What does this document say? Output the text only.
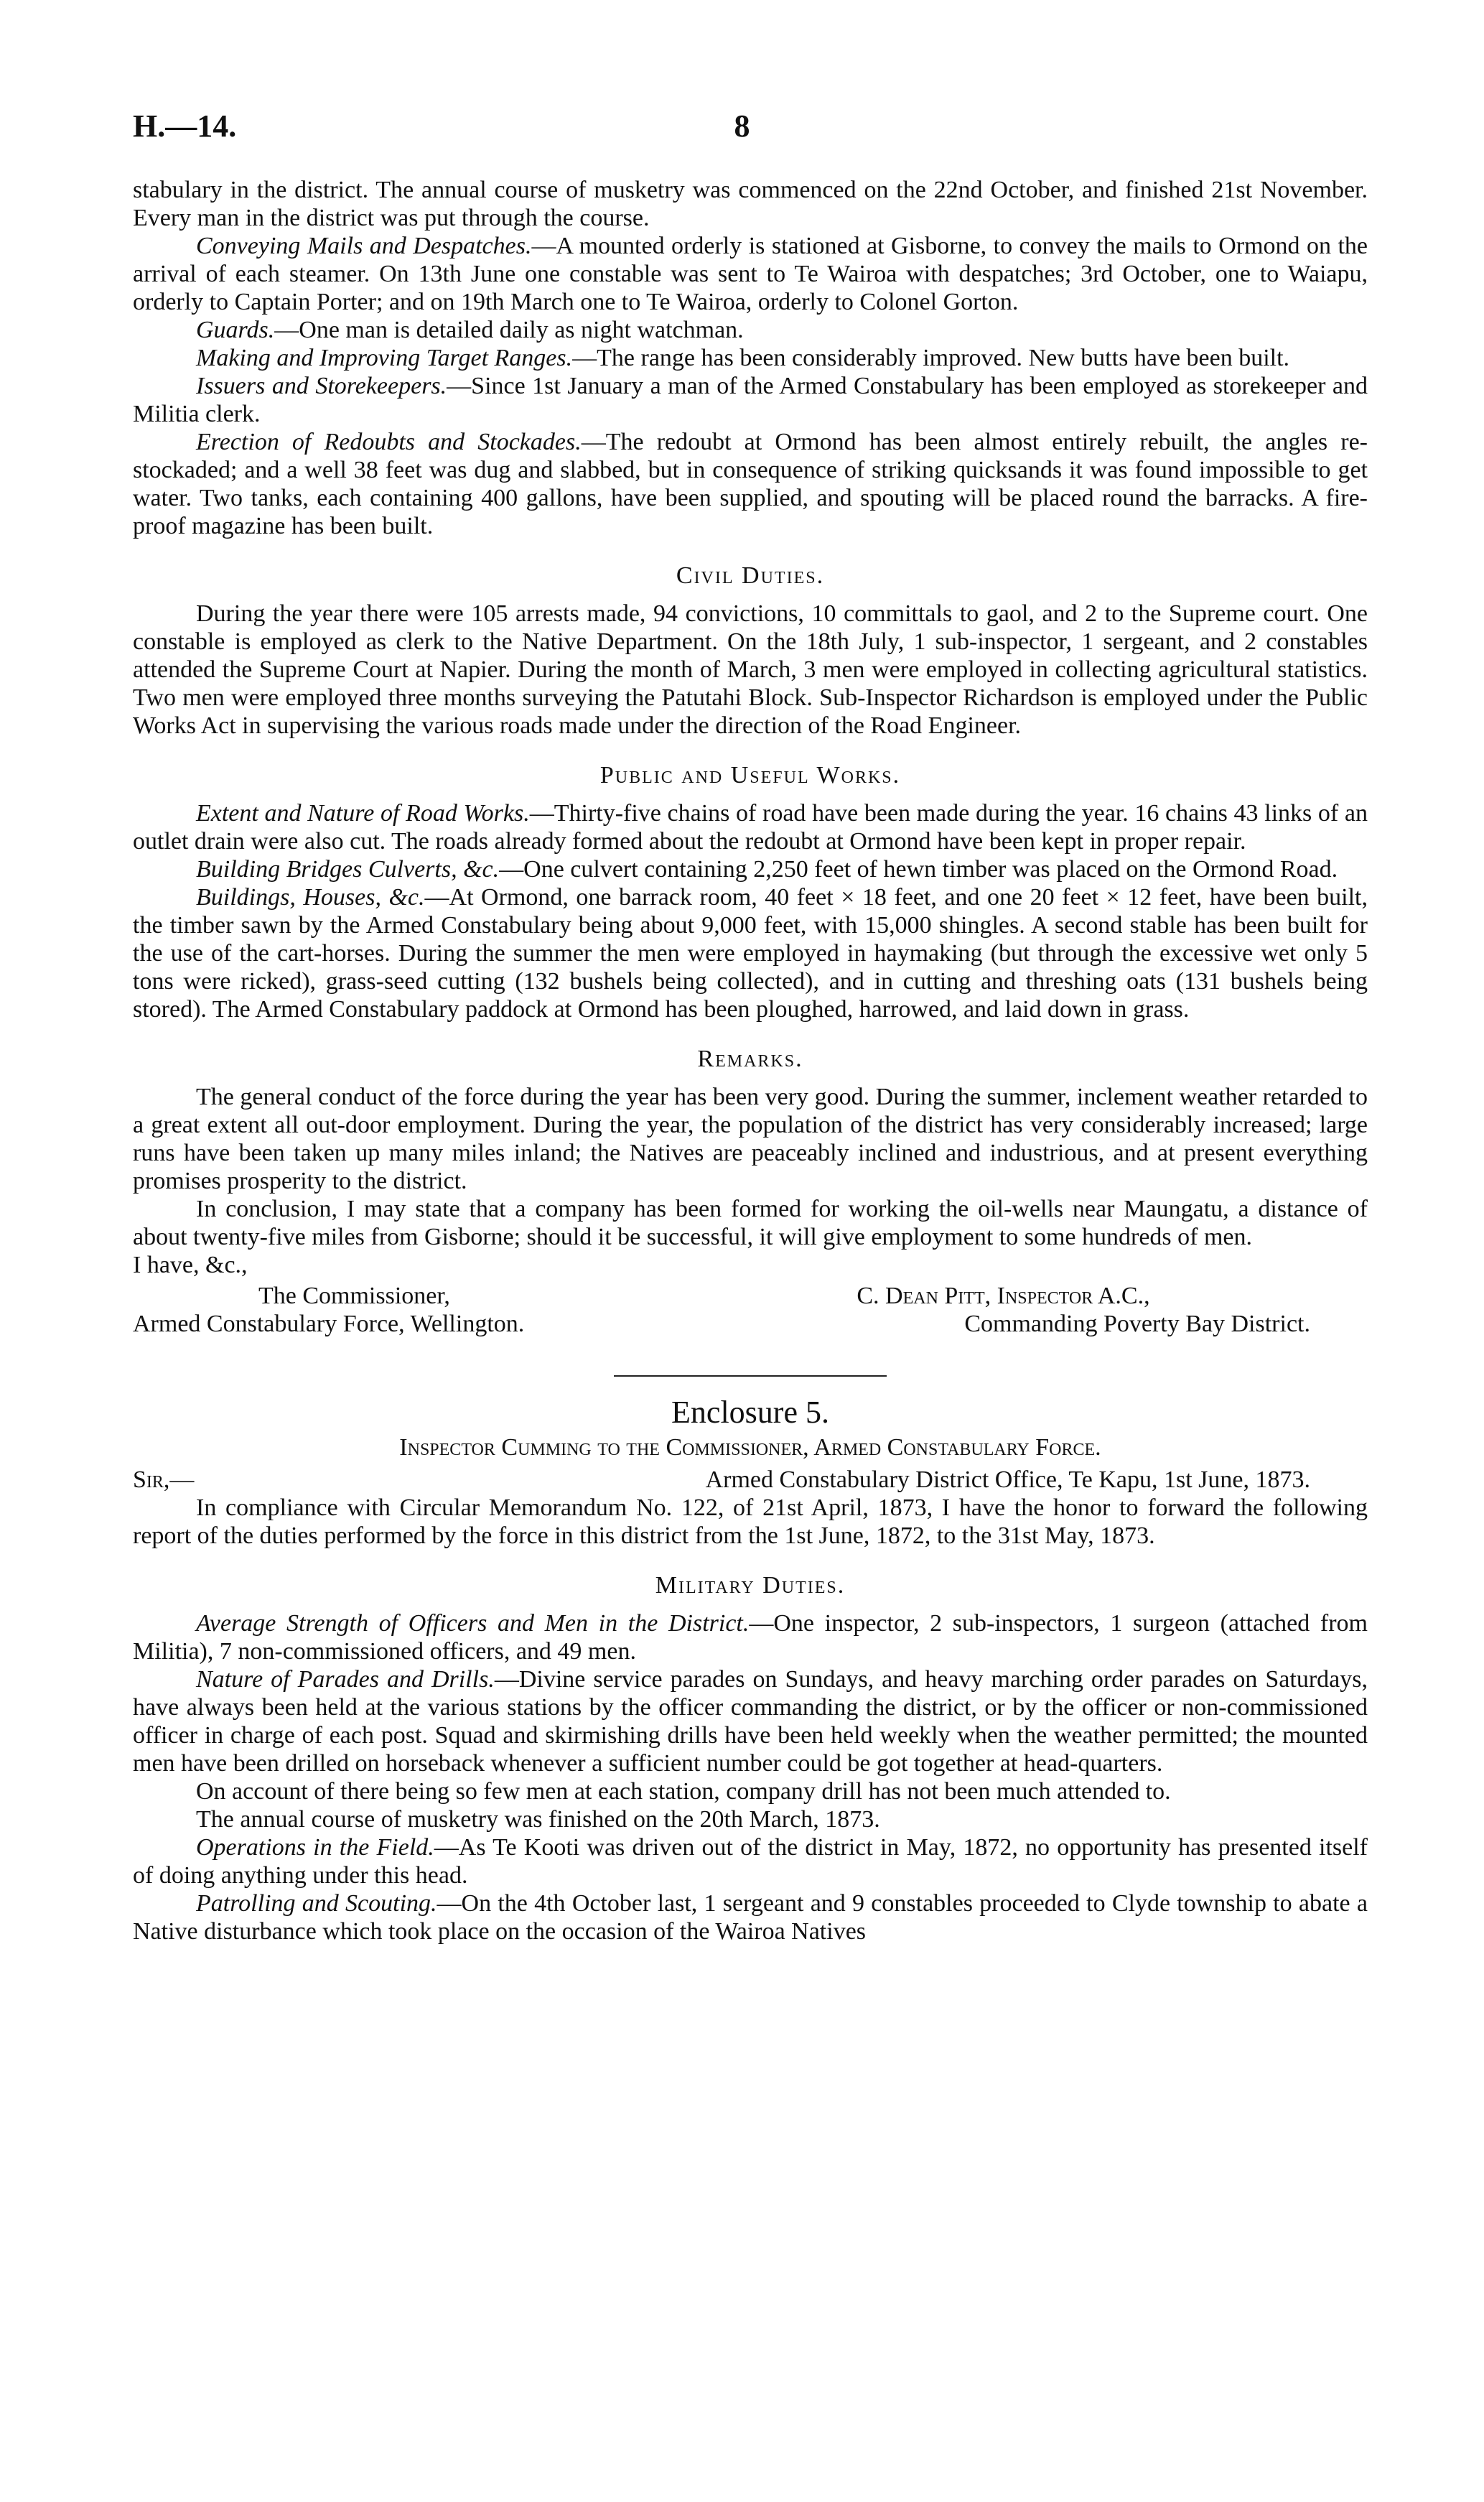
H.—14.	8

stabulary in the district. The annual course of musketry was commenced on the 22nd October, and finished 21st November. Every man in the district was put through the course.

Conveying Mails and Despatches.—A mounted orderly is stationed at Gisborne, to convey the mails to Ormond on the arrival of each steamer. On 13th June one constable was sent to Te Wairoa with despatches; 3rd October, one to Waiapu, orderly to Captain Porter; and on 19th March one to Te Wairoa, orderly to Colonel Gorton.

Guards.—One man is detailed daily as night watchman.

Making and Improving Target Ranges.—The range has been considerably improved. New butts have been built.

Issuers and Storekeepers.—Since 1st January a man of the Armed Constabulary has been employed as storekeeper and Militia clerk.

Erection of Redoubts and Stockades.—The redoubt at Ormond has been almost entirely rebuilt, the angles re-stockaded; and a well 38 feet was dug and slabbed, but in consequence of striking quicksands it was found impossible to get water. Two tanks, each containing 400 gallons, have been supplied, and spouting will be placed round the barracks. A fire-proof magazine has been built.

Civil Duties.

During the year there were 105 arrests made, 94 convictions, 10 committals to gaol, and 2 to the Supreme court. One constable is employed as clerk to the Native Department. On the 18th July, 1 sub-inspector, 1 sergeant, and 2 constables attended the Supreme Court at Napier. During the month of March, 3 men were employed in collecting agricultural statistics. Two men were employed three months surveying the Patutahi Block. Sub-Inspector Richardson is employed under the Public Works Act in supervising the various roads made under the direction of the Road Engineer.

Public and Useful Works.

Extent and Nature of Road Works.—Thirty-five chains of road have been made during the year. 16 chains 43 links of an outlet drain were also cut. The roads already formed about the redoubt at Ormond have been kept in proper repair.

Building Bridges Culverts, &c.—One culvert containing 2,250 feet of hewn timber was placed on the Ormond Road.

Buildings, Houses, &c.—At Ormond, one barrack room, 40 feet × 18 feet, and one 20 feet × 12 feet, have been built, the timber sawn by the Armed Constabulary being about 9,000 feet, with 15,000 shingles. A second stable has been built for the use of the cart-horses. During the summer the men were employed in haymaking (but through the excessive wet only 5 tons were ricked), grass-seed cutting (132 bushels being collected), and in cutting and threshing oats (131 bushels being stored). The Armed Constabulary paddock at Ormond has been ploughed, harrowed, and laid down in grass.

Remarks.

The general conduct of the force during the year has been very good. During the summer, inclement weather retarded to a great extent all out-door employment. During the year, the population of the district has very considerably increased; large runs have been taken up many miles inland; the Natives are peaceably inclined and industrious, and at present everything promises prosperity to the district.

In conclusion, I may state that a company has been formed for working the oil-wells near Maungatu, a distance of about twenty-five miles from Gisborne; should it be successful, it will give employment to some hundreds of men.

I have, &c.,
The Commissioner,
Armed Constabulary Force, Wellington.
C. Dean Pitt, Inspector A.C.,
Commanding Poverty Bay District.
Enclosure 5.
Inspector Cumming to the Commissioner, Armed Constabulary Force.
Sir,—	Armed Constabulary District Office, Te Kapu, 1st June, 1873.

In compliance with Circular Memorandum No. 122, of 21st April, 1873, I have the honor to forward the following report of the duties performed by the force in this district from the 1st June, 1872, to the 31st May, 1873.

Military Duties.

Average Strength of Officers and Men in the District.—One inspector, 2 sub-inspectors, 1 surgeon (attached from Militia), 7 non-commissioned officers, and 49 men.

Nature of Parades and Drills.—Divine service parades on Sundays, and heavy marching order parades on Saturdays, have always been held at the various stations by the officer commanding the district, or by the officer or non-commissioned officer in charge of each post. Squad and skirmishing drills have been held weekly when the weather permitted; the mounted men have been drilled on horseback whenever a sufficient number could be got together at head-quarters.

On account of there being so few men at each station, company drill has not been much attended to.

The annual course of musketry was finished on the 20th March, 1873.

Operations in the Field.—As Te Kooti was driven out of the district in May, 1872, no opportunity has presented itself of doing anything under this head.

Patrolling and Scouting.—On the 4th October last, 1 sergeant and 9 constables proceeded to Clyde township to abate a Native disturbance which took place on the occasion of the Wairoa Natives
